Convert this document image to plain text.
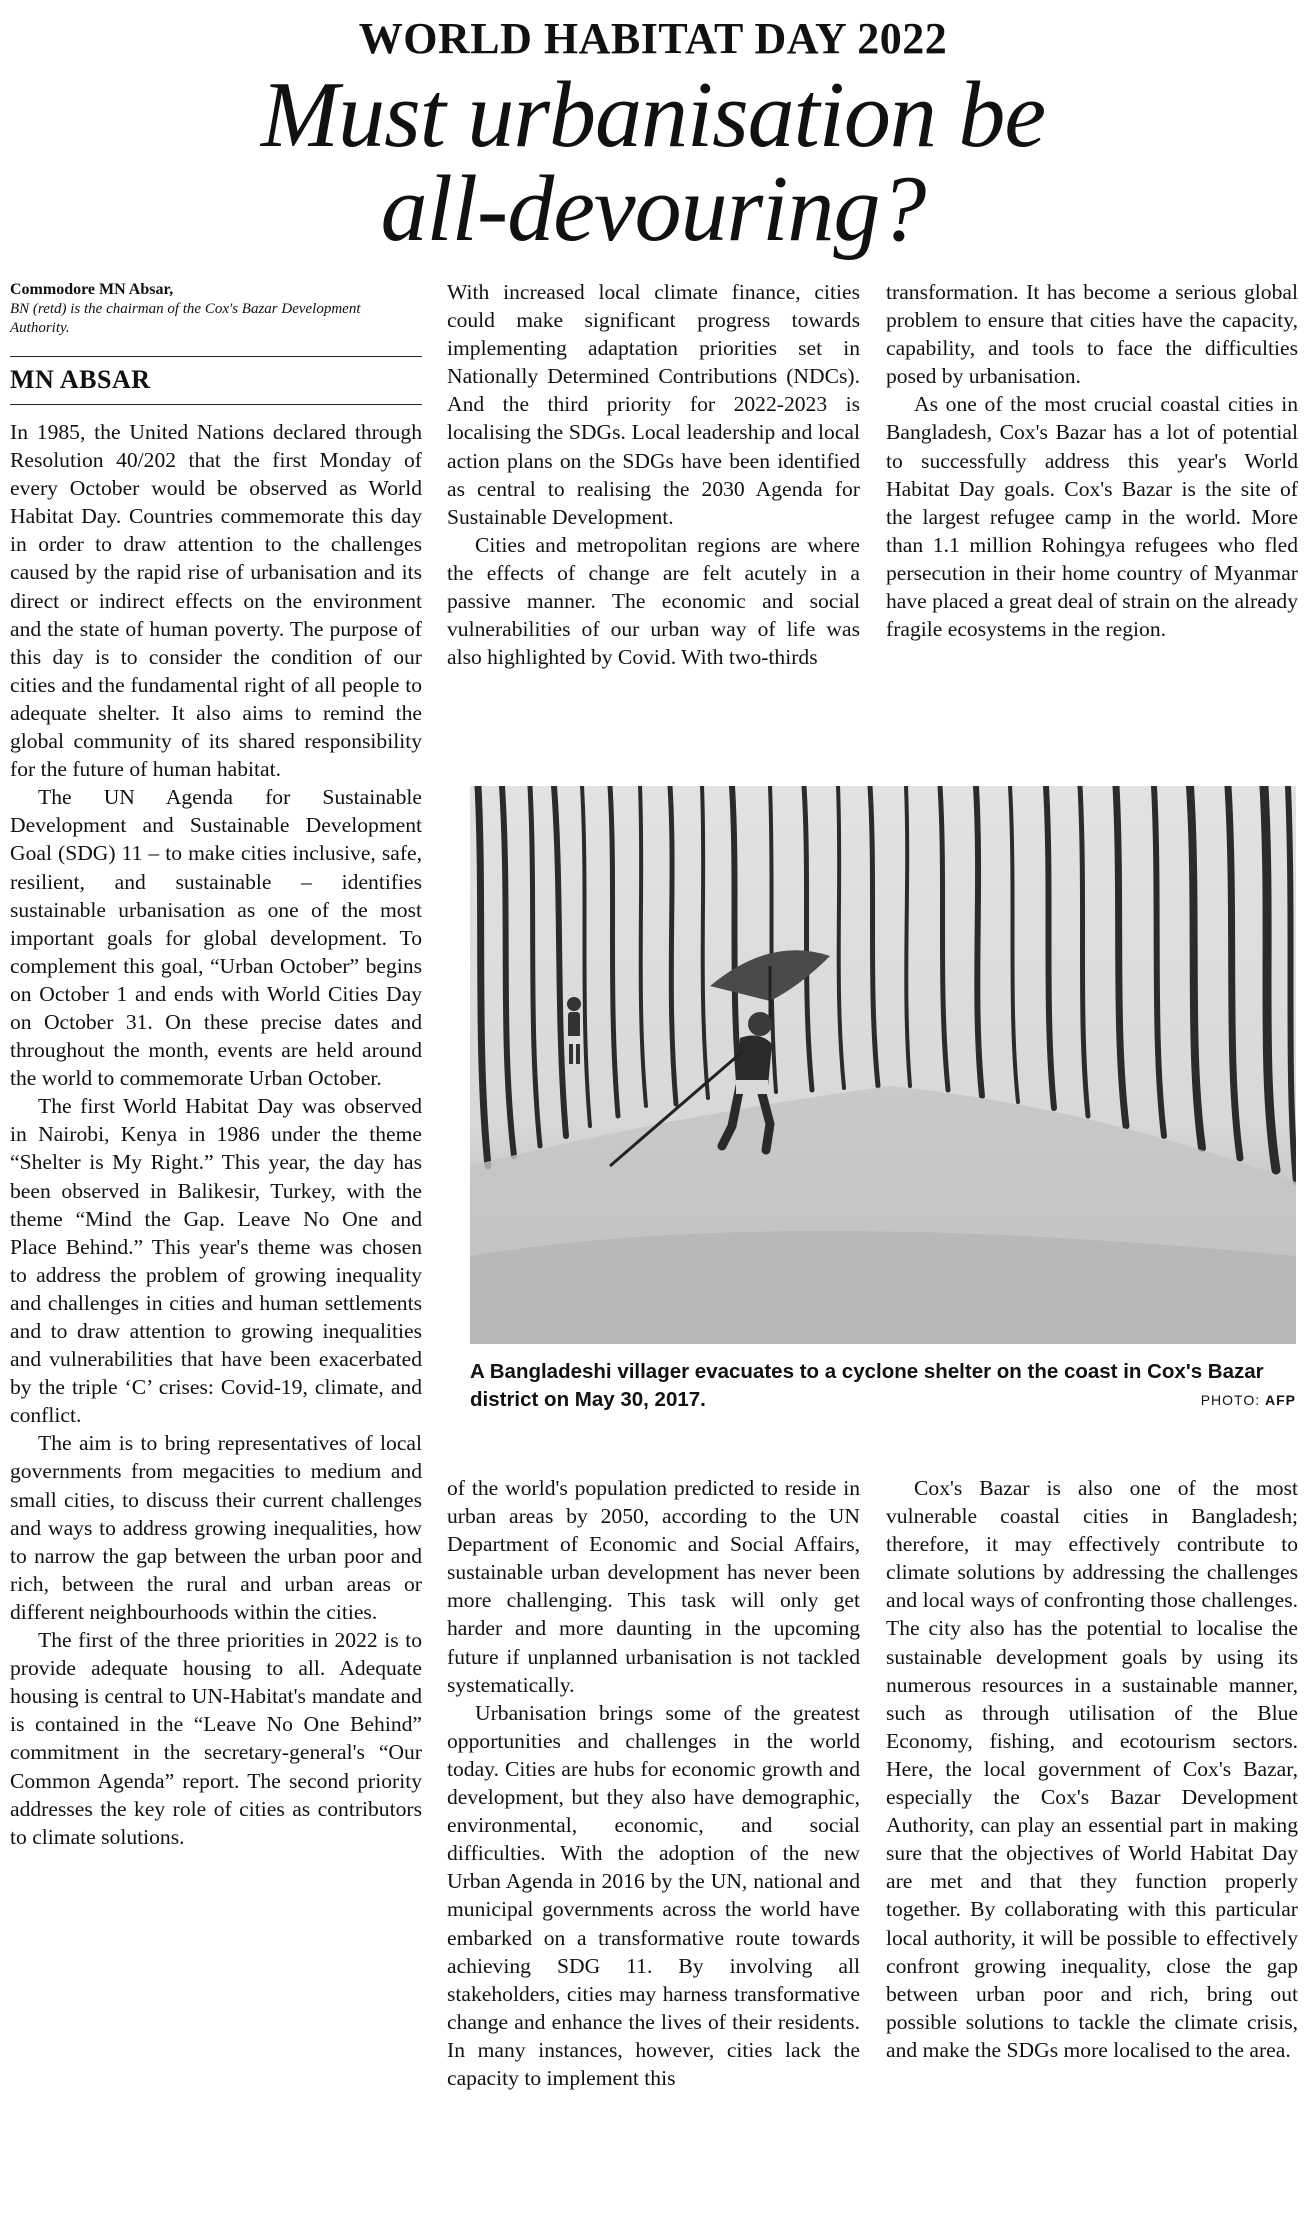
WORLD HABITAT DAY 2022
Must urbanisation be
all-devouring?
Commodore MN Absar,
BN (retd) is the chairman of the Cox's Bazar Development Authority.
MN ABSAR

In 1985, the United Nations declared through Resolution 40/202 that the first Monday of every October would be observed as World Habitat Day. Countries commemorate this day in order to draw attention to the challenges caused by the rapid rise of urbanisation and its direct or indirect effects on the environment and the state of human poverty. The purpose of this day is to consider the condition of our cities and the fundamental right of all people to adequate shelter. It also aims to remind the global community of its shared responsibility for the future of human habitat.

The UN Agenda for Sustainable Development and Sustainable Development Goal (SDG) 11 – to make cities inclusive, safe, resilient, and sustainable – identifies sustainable urbanisation as one of the most important goals for global development. To complement this goal, “Urban October” begins on October 1 and ends with World Cities Day on October 31. On these precise dates and throughout the month, events are held around the world to commemorate Urban October.

The first World Habitat Day was observed in Nairobi, Kenya in 1986 under the theme “Shelter is My Right.” This year, the day has been observed in Balikesir, Turkey, with the theme “Mind the Gap. Leave No One and Place Behind.” This year's theme was chosen to address the problem of growing inequality and challenges in cities and human settlements and to draw attention to growing inequalities and vulnerabilities that have been exacerbated by the triple ‘C’ crises: Covid-19, climate, and conflict.

The aim is to bring representatives of local governments from megacities to medium and small cities, to discuss their current challenges and ways to address growing inequalities, how to narrow the gap between the urban poor and rich, between the rural and urban areas or different neighbourhoods within the cities.

The first of the three priorities in 2022 is to provide adequate housing to all. Adequate housing is central to UN-Habitat's mandate and is contained in the “Leave No One Behind” commitment in the secretary-general's “Our Common Agenda” report. The second priority addresses the key role of cities as contributors to climate solutions.

With increased local climate finance, cities could make significant progress towards implementing adaptation priorities set in Nationally Determined Contributions (NDCs). And the third priority for 2022-2023 is localising the SDGs. Local leadership and local action plans on the SDGs have been identified as central to realising the 2030 Agenda for Sustainable Development.

Cities and metropolitan regions are where the effects of change are felt acutely in a passive manner. The economic and social vulnerabilities of our urban way of life was also highlighted by Covid. With two-thirds

transformation. It has become a serious global problem to ensure that cities have the capacity, capability, and tools to face the difficulties posed by urbanisation.

As one of the most crucial coastal cities in Bangladesh, Cox's Bazar has a lot of potential to successfully address this year's World Habitat Day goals. Cox's Bazar is the site of the largest refugee camp in the world. More than 1.1 million Rohingya refugees who fled persecution in their home country of Myanmar have placed a great deal of strain on the already fragile ecosystems in the region.

A Bangladeshi villager evacuates to a cyclone shelter on the coast in Cox's Bazar district on May 30, 2017.	PHOTO: AFP

of the world's population predicted to reside in urban areas by 2050, according to the UN Department of Economic and Social Affairs, sustainable urban development has never been more challenging. This task will only get harder and more daunting in the upcoming future if unplanned urbanisation is not tackled systematically.

Urbanisation brings some of the greatest opportunities and challenges in the world today. Cities are hubs for economic growth and development, but they also have demographic, environmental, economic, and social difficulties. With the adoption of the new Urban Agenda in 2016 by the UN, national and municipal governments across the world have embarked on a transformative route towards achieving SDG 11. By involving all stakeholders, cities may harness transformative change and enhance the lives of their residents. In many instances, however, cities lack the capacity to implement this

Cox's Bazar is also one of the most vulnerable coastal cities in Bangladesh; therefore, it may effectively contribute to climate solutions by addressing the challenges and local ways of confronting those challenges. The city also has the potential to localise the sustainable development goals by using its numerous resources in a sustainable manner, such as through utilisation of the Blue Economy, fishing, and ecotourism sectors. Here, the local government of Cox's Bazar, especially the Cox's Bazar Development Authority, can play an essential part in making sure that the objectives of World Habitat Day are met and that they function properly together. By collaborating with this particular local authority, it will be possible to effectively confront growing inequality, close the gap between urban poor and rich, bring out possible solutions to tackle the climate crisis, and make the SDGs more localised to the area.
